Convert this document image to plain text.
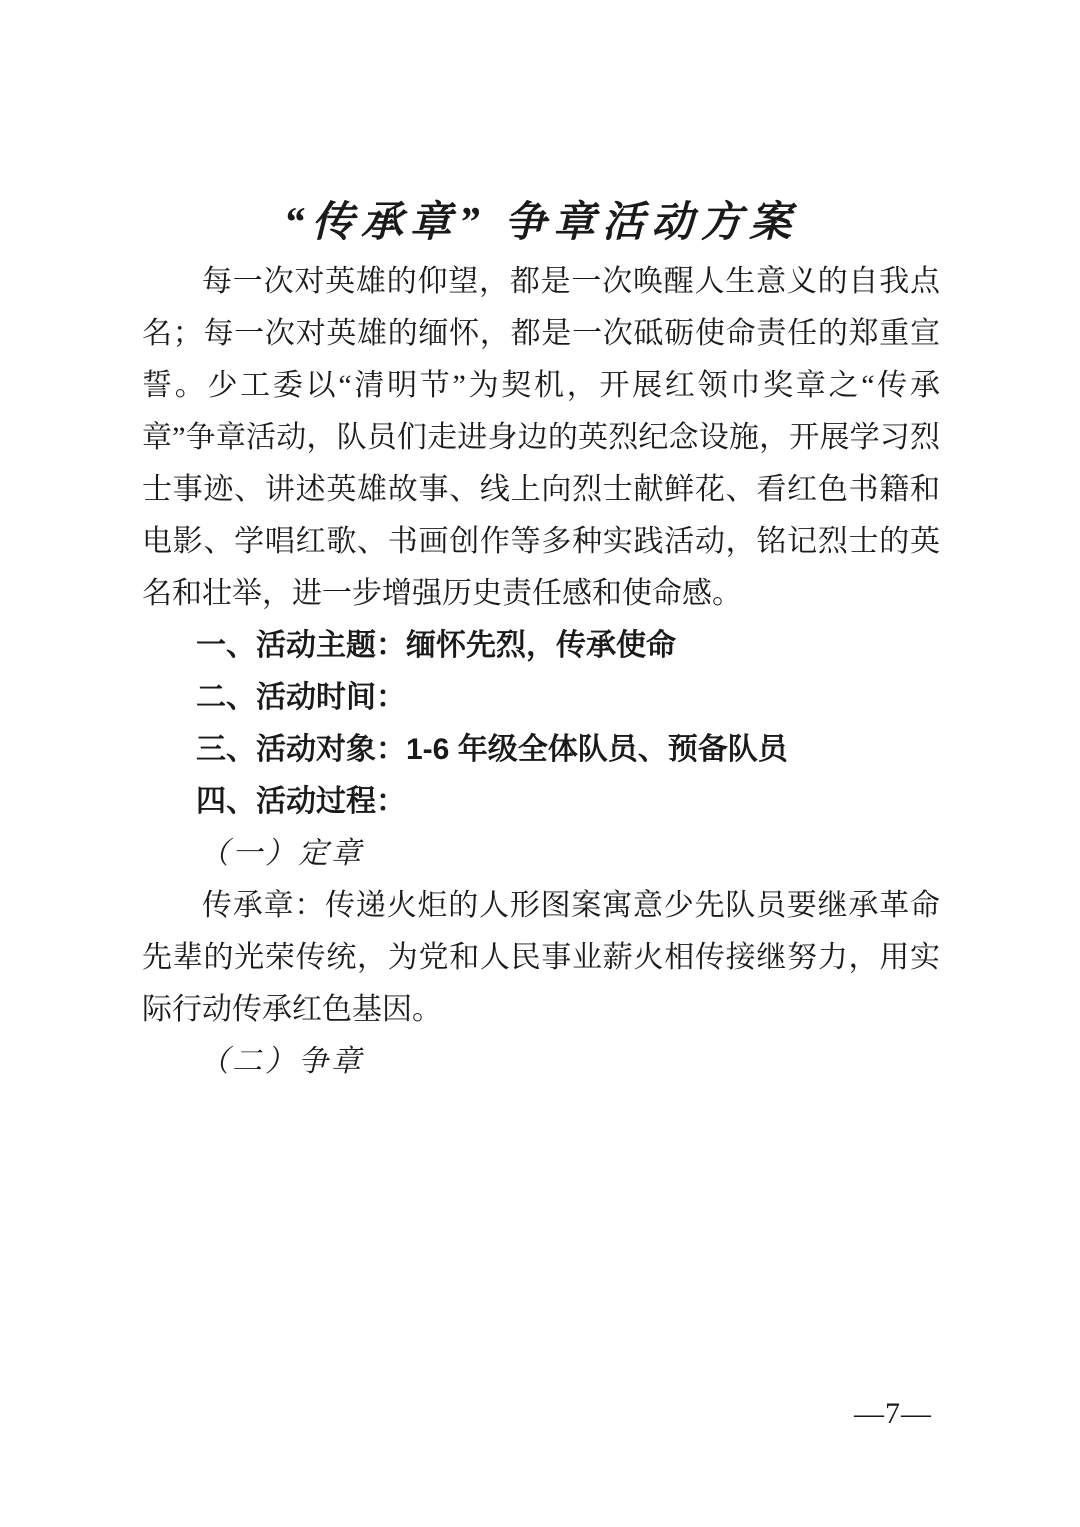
“传承章” 争章活动方案

每一次对英雄的仰望，都是一次唤醒人生意义的自我点名；每一次对英雄的缅怀，都是一次砥砺使命责任的郑重宣誓。少工委以“清明节”为契机，开展红领巾奖章之“传承章”争章活动，队员们走进身边的英烈纪念设施，开展学习烈士事迹、讲述英雄故事、线上向烈士献鲜花、看红色书籍和电影、学唱红歌、书画创作等多种实践活动，铭记烈士的英名和壮举，进一步增强历史责任感和使命感。

一、活动主题：缅怀先烈，传承使命

二、活动时间：

三、活动对象：1-6 年级全体队员、预备队员

四、活动过程：

（一）定章

传承章：传递火炬的人形图案寓意少先队员要继承革命先辈的光荣传统，为党和人民事业薪火相传接继努力，用实际行动传承红色基因。

（二）争章

—7—
